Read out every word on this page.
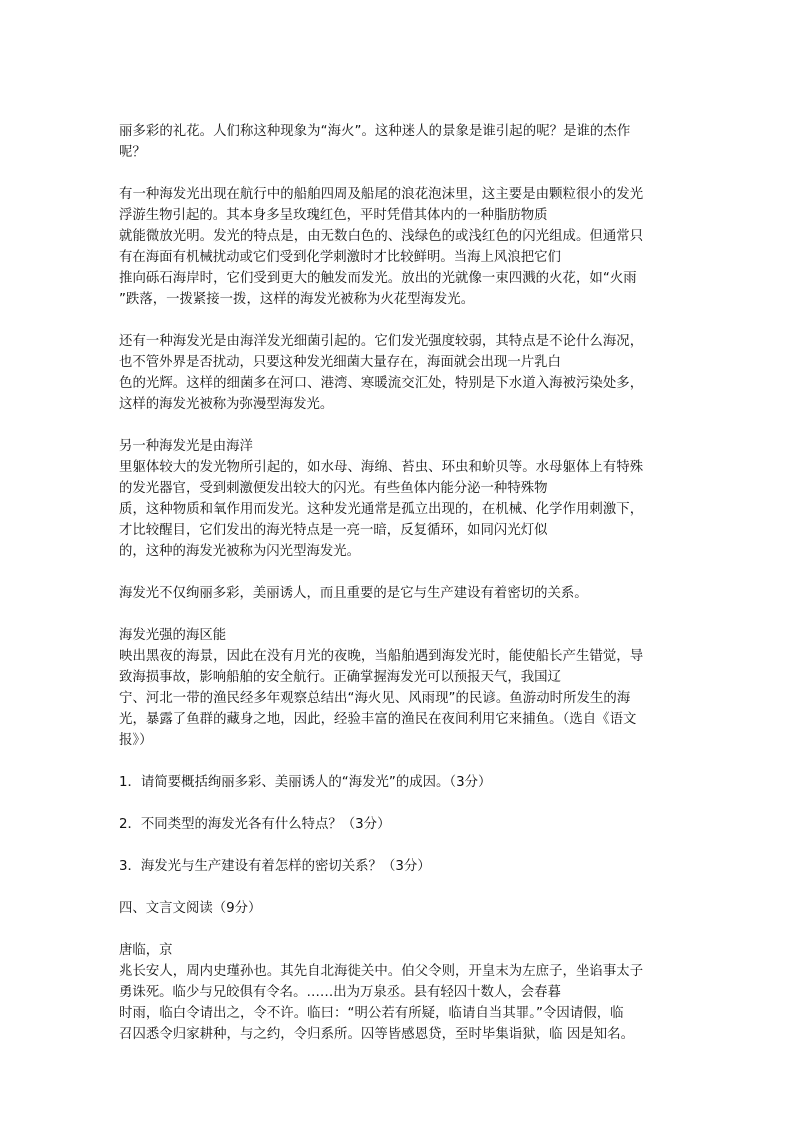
丽多彩的礼花。人们称这种现象为“海火”。这种迷人的景象是谁引起的呢？是谁的杰作
呢？
有一种海发光出现在航行中的船舶四周及船尾的浪花泡沫里，这主要是由颗粒很小的发光
浮游生物引起的。其本身多呈玫瑰红色，平时凭借其体内的一种脂肪物质
就能微放光明。发光的特点是，由无数白色的、浅绿色的或浅红色的闪光组成。但通常只
有在海面有机械扰动或它们受到化学刺激时才比较鲜明。当海上风浪把它们
推向砾石海岸时，它们受到更大的触发而发光。放出的光就像一束四溅的火花，如“火雨
”跌落，一拨紧接一拨，这样的海发光被称为火花型海发光。
还有一种海发光是由海洋发光细菌引起的。它们发光强度较弱，其特点是不论什么海况，
也不管外界是否扰动，只要这种发光细菌大量存在，海面就会出现一片乳白
色的光辉。这样的细菌多在河口、港湾、寒暖流交汇处，特别是下水道入海被污染处多，
这样的海发光被称为弥漫型海发光。
另一种海发光是由海洋
里躯体较大的发光物所引起的，如水母、海绵、苔虫、环虫和蚧贝等。水母躯体上有特殊
的发光器官，受到刺激便发出较大的闪光。有些鱼体内能分泌一种特殊物
质，这种物质和氧作用而发光。这种发光通常是孤立出现的，在机械、化学作用刺激下，
才比较醒目，它们发出的海光特点是一亮一暗，反复循环，如同闪光灯似
的，这种的海发光被称为闪光型海发光。
海发光不仅绚丽多彩，美丽诱人，而且重要的是它与生产建设有着密切的关系。
海发光强的海区能
映出黑夜的海景，因此在没有月光的夜晚，当船舶遇到海发光时，能使船长产生错觉，导
致海损事故，影响船舶的安全航行。正确掌握海发光可以预报天气，我国辽
宁、河北一带的渔民经多年观察总结出“海火见、风雨现”的民谚。鱼游动时所发生的海
光，暴露了鱼群的藏身之地，因此，经验丰富的渔民在夜间利用它来捕鱼。（选自《语文
报》）
1．请简要概括绚丽多彩、美丽诱人的“海发光”的成因。（3分）
2．不同类型的海发光各有什么特点？（3分）
3．海发光与生产建设有着怎样的密切关系？（3分）
四、文言文阅读（9分）
唐临，京
兆长安人，周内史瑾孙也。其先自北海徙关中。伯父令则，开皇末为左庶子，坐谄事太子
勇诛死。临少与兄皎俱有令名。……出为万泉丞。县有轻囚十数人，会春暮
时雨，临白令请出之，令不许。临曰：“明公若有所疑，临请自当其罪。”令因请假，临
召囚悉令归家耕种，与之约，令归系所。囚等皆感恩贷，至时毕集诣狱，临 因是知名。
